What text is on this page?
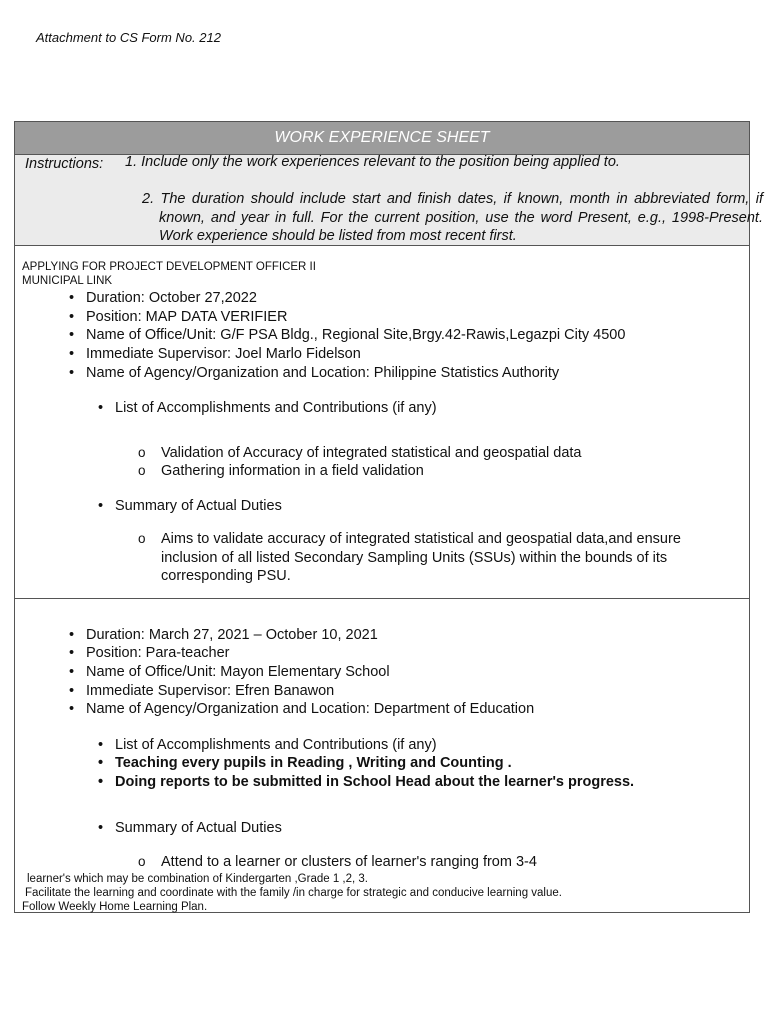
Attachment to CS Form No. 212
WORK EXPERIENCE SHEET
Instructions: 1. Include only the work experiences relevant to the position being applied to.
2. The duration should include start and finish dates, if known, month in abbreviated form, if known, and year in full. For the current position, use the word Present, e.g., 1998-Present. Work experience should be listed from most recent first.
APPLYING FOR PROJECT DEVELOPMENT OFFICER II
MUNICIPAL LINK
• Duration: October 27,2022
• Position: MAP DATA VERIFIER
• Name of Office/Unit: G/F PSA Bldg., Regional Site,Brgy.42-Rawis,Legazpi City 4500
• Immediate Supervisor: Joel Marlo Fidelson
• Name of Agency/Organization and Location: Philippine Statistics Authority
• List of Accomplishments and Contributions (if any)
o Validation of Accuracy of integrated statistical and geospatial data
o Gathering information in a field validation
• Summary of Actual Duties
o Aims to validate accuracy of integrated statistical and geospatial data,and ensure inclusion of all listed Secondary Sampling Units (SSUs) within the bounds of its corresponding PSU.
• Duration: March 27, 2021 – October 10, 2021
• Position: Para-teacher
• Name of Office/Unit: Mayon Elementary School
• Immediate Supervisor: Efren Banawon
• Name of Agency/Organization and Location: Department of Education
• List of Accomplishments and Contributions (if any)
• Teaching every pupils in Reading , Writing and Counting .
• Doing reports to be submitted in School Head about the learner's progress.
• Summary of Actual Duties
o Attend to a learner or clusters of learner's ranging from 3-4
learner's which may be combination of Kindergarten ,Grade 1 ,2, 3.
Facilitate the learning and coordinate with the family /in charge for strategic and conducive learning value.
Follow Weekly Home Learning Plan.
